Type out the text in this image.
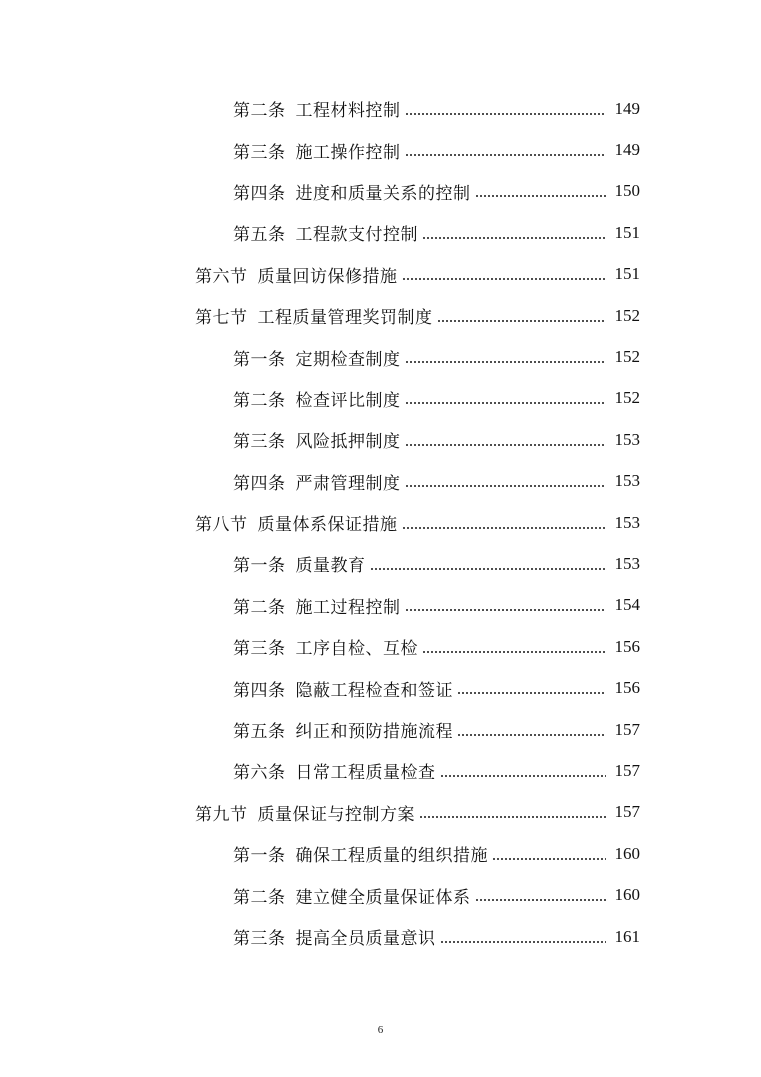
第二条 工程材料控制	149
第三条 施工操作控制	149
第四条 进度和质量关系的控制	150
第五条 工程款支付控制	151
第六节 质量回访保修措施	151
第七节 工程质量管理奖罚制度	152
第一条 定期检查制度	152
第二条 检查评比制度	152
第三条 风险抵押制度	153
第四条 严肃管理制度	153
第八节 质量体系保证措施	153
第一条 质量教育	153
第二条 施工过程控制	154
第三条 工序自检、互检	156
第四条 隐蔽工程检查和签证	156
第五条 纠正和预防措施流程	157
第六条 日常工程质量检查	157
第九节 质量保证与控制方案	157
第一条 确保工程质量的组织措施	160
第二条 建立健全质量保证体系	160
第三条 提高全员质量意识	161
6
